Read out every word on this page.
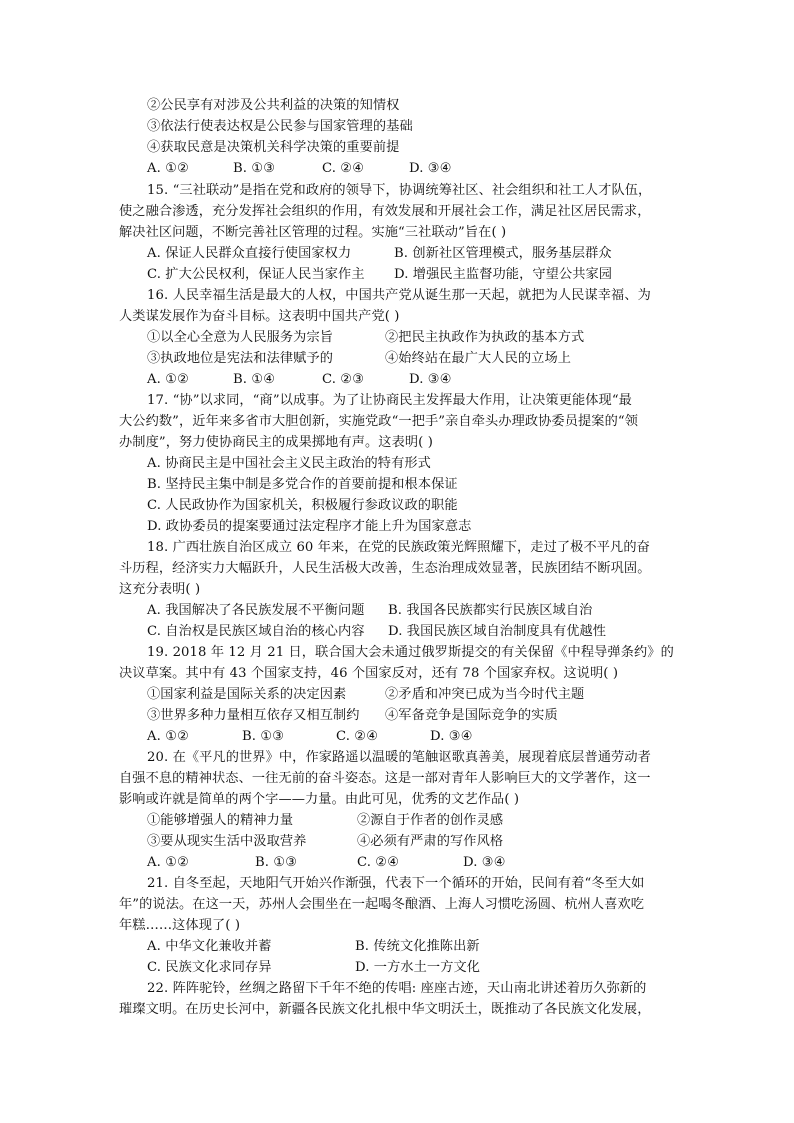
②公民享有对涉及公共利益的决策的知情权
③依法行使表达权是公民参与国家管理的基础
④获取民意是决策机关科学决策的重要前提
A. ①②	B. ①③	C. ②④	D. ③④
15. “三社联动”是指在党和政府的领导下，协调统筹社区、社会组织和社工人才队伍，
使之融合渗透，充分发挥社会组织的作用，有效发展和开展社会工作，满足社区居民需求，
解决社区问题，不断完善社区管理的过程。实施“三社联动”旨在( )
A. 保证人民群众直接行使国家权力	B. 创新社区管理模式，服务基层群众
C. 扩大公民权利，保证人民当家作主 D. 增强民主监督功能，守望公共家园
16. 人民幸福生活是最大的人权，中国共产党从诞生那一天起，就把为人民谋幸福、为
人类谋发展作为奋斗目标。这表明中国共产党( )
①以全心全意为人民服务为宗旨	②把民主执政作为执政的基本方式
③执政地位是宪法和法律赋予的	④始终站在最广大人民的立场上
A. ①②	B. ①④	C. ②③	D. ③④
17. “协”以求同，“商”以成事。为了让协商民主发挥最大作用，让决策更能体现“最
大公约数”，近年来多省市大胆创新，实施党政“一把手”亲自牵头办理政协委员提案的“领
办制度”，努力使协商民主的成果掷地有声。这表明( )
A. 协商民主是中国社会主义民主政治的特有形式
B. 坚持民主集中制是多党合作的首要前提和根本保证
C. 人民政协作为国家机关，积极履行参政议政的职能
D. 政协委员的提案要通过法定程序才能上升为国家意志
18. 广西壮族自治区成立 60 年来，在党的民族政策光辉照耀下，走过了极不平凡的奋
斗历程，经济实力大幅跃升，人民生活极大改善，生态治理成效显著，民族团结不断巩固。
这充分表明( )
A. 我国解决了各民族发展不平衡问题 B. 我国各民族都实行民族区域自治
C. 自治权是民族区域自治的核心内容 D. 我国民族区域自治制度具有优越性
19. 2018 年 12 月 21 日，联合国大会未通过俄罗斯提交的有关保留《中程导弹条约》的
决议草案。其中有 43 个国家支持，46 个国家反对，还有 78 个国家弃权。这说明( )
①国家利益是国际关系的决定因素	②矛盾和冲突已成为当今时代主题
③世界多种力量相互依存又相互制约 ④军备竞争是国际竞争的实质
A. ①②	B. ①③	C. ②④	D. ③④
20. 在《平凡的世界》中，作家路遥以温暖的笔触讴歌真善美，展现着底层普通劳动者
自强不息的精神状态、一往无前的奋斗姿态。这是一部对青年人影响巨大的文学著作，这一
影响或许就是简单的两个字——力量。由此可见，优秀的文艺作品( )
①能够增强人的精神力量	②源自于作者的创作灵感
③要从现实生活中汲取营养	④必须有严肃的写作风格
A. ①②	B. ①③	C. ②④	D. ③④
21. 自冬至起，天地阳气开始兴作渐强，代表下一个循环的开始，民间有着“冬至大如
年”的说法。在这一天，苏州人会围坐在一起喝冬酿酒、上海人习惯吃汤圆、杭州人喜欢吃
年糕……这体现了( )
A. 中华文化兼收并蓄	B. 传统文化推陈出新
C. 民族文化求同存异	D. 一方水土一方文化
22. 阵阵驼铃，丝绸之路留下千年不绝的传唱: 座座古迹，天山南北讲述着历久弥新的
璀璨文明。在历史长河中，新疆各民族文化扎根中华文明沃土，既推动了各民族文化发展，
